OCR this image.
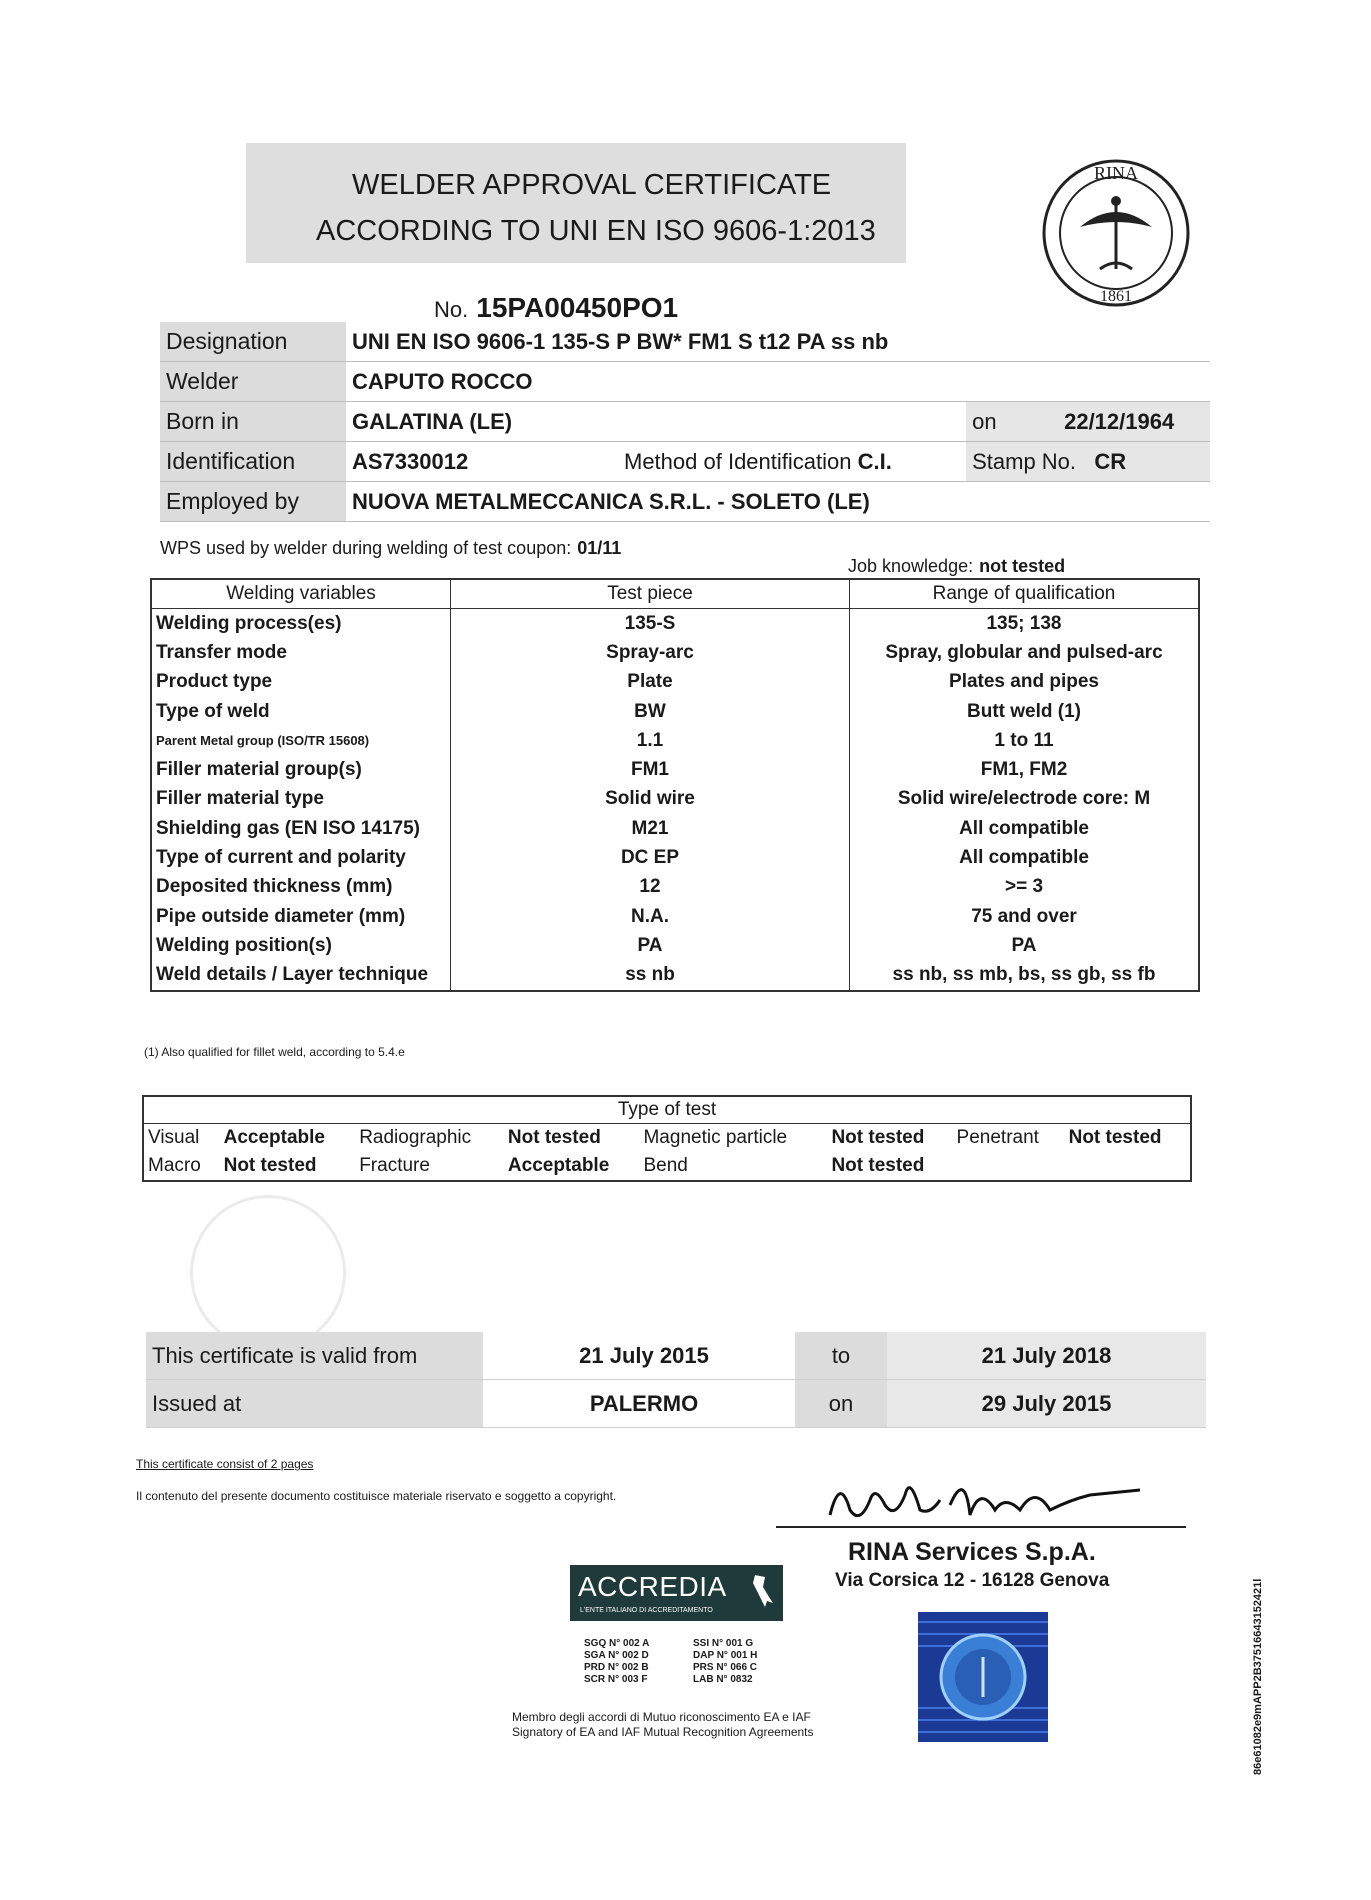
WELDER APPROVAL CERTIFICATE
ACCORDING TO UNI EN ISO 9606-1:2013
RINA
1861
No. 15PA00450PO1
Designation	UNI EN ISO 9606-1 135-S P BW* FM1 S t12 PA ss nb			
Welder	CAPUTO ROCCO			
Born in	GALATINA (LE)		on	22/12/1964
Identification	AS7330012	Method of Identification C.I.	Stamp No. CR	
Employed by	NUOVA METALMECCANICA S.R.L. - SOLETO (LE)			
WPS used by welder during welding of test coupon: 01/11
Job knowledge: not tested
Welding variables	Test piece	Range of qualification
Welding process(es)	135-S	135; 138
Transfer mode	Spray-arc	Spray, globular and pulsed-arc
Product type	Plate	Plates and pipes
Type of weld	BW	Butt weld (1)
Parent Metal group (ISO/TR 15608)	1.1	1 to 11
Filler material group(s)	FM1	FM1, FM2
Filler material type	Solid wire	Solid wire/electrode core: M
Shielding gas (EN ISO 14175)	M21	All compatible
Type of current and polarity	DC EP	All compatible
Deposited thickness (mm)	12	>= 3
Pipe outside diameter (mm)	N.A.	75 and over
Welding position(s)	PA	PA
Weld details / Layer technique	ss nb	ss nb, ss mb, bs, ss gb, ss fb
(1) Also qualified for fillet weld, according to 5.4.e
Type of test							
Visual	Acceptable	Radiographic	Not tested	Magnetic particle	Not tested	Penetrant	Not tested
Macro	Not tested	Fracture	Acceptable	Bend	Not tested		
This certificate is valid from		21 July 2015	to	21 July 2018
Issued at		PALERMO	on	29 July 2015
This certificate consist of 2 pages
Il contenuto del presente documento costituisce materiale riservato e soggetto a copyright.
RINA Services S.p.A.
Via Corsica 12 - 16128 Genova
ACCREDIA
L'ENTE ITALIANO DI ACCREDITAMENTO
SGQ N° 002 A
SGA N° 002 D
PRD N° 002 B
SCR N° 003 F
SSI N° 001 G
DAP N° 001 H
PRS N° 066 C
LAB N° 0832
Membro degli accordi di Mutuo riconoscimento EA e IAF
Signatory of EA and IAF Mutual Recognition Agreements	86e61082e9mAPP2B37516643152421l
